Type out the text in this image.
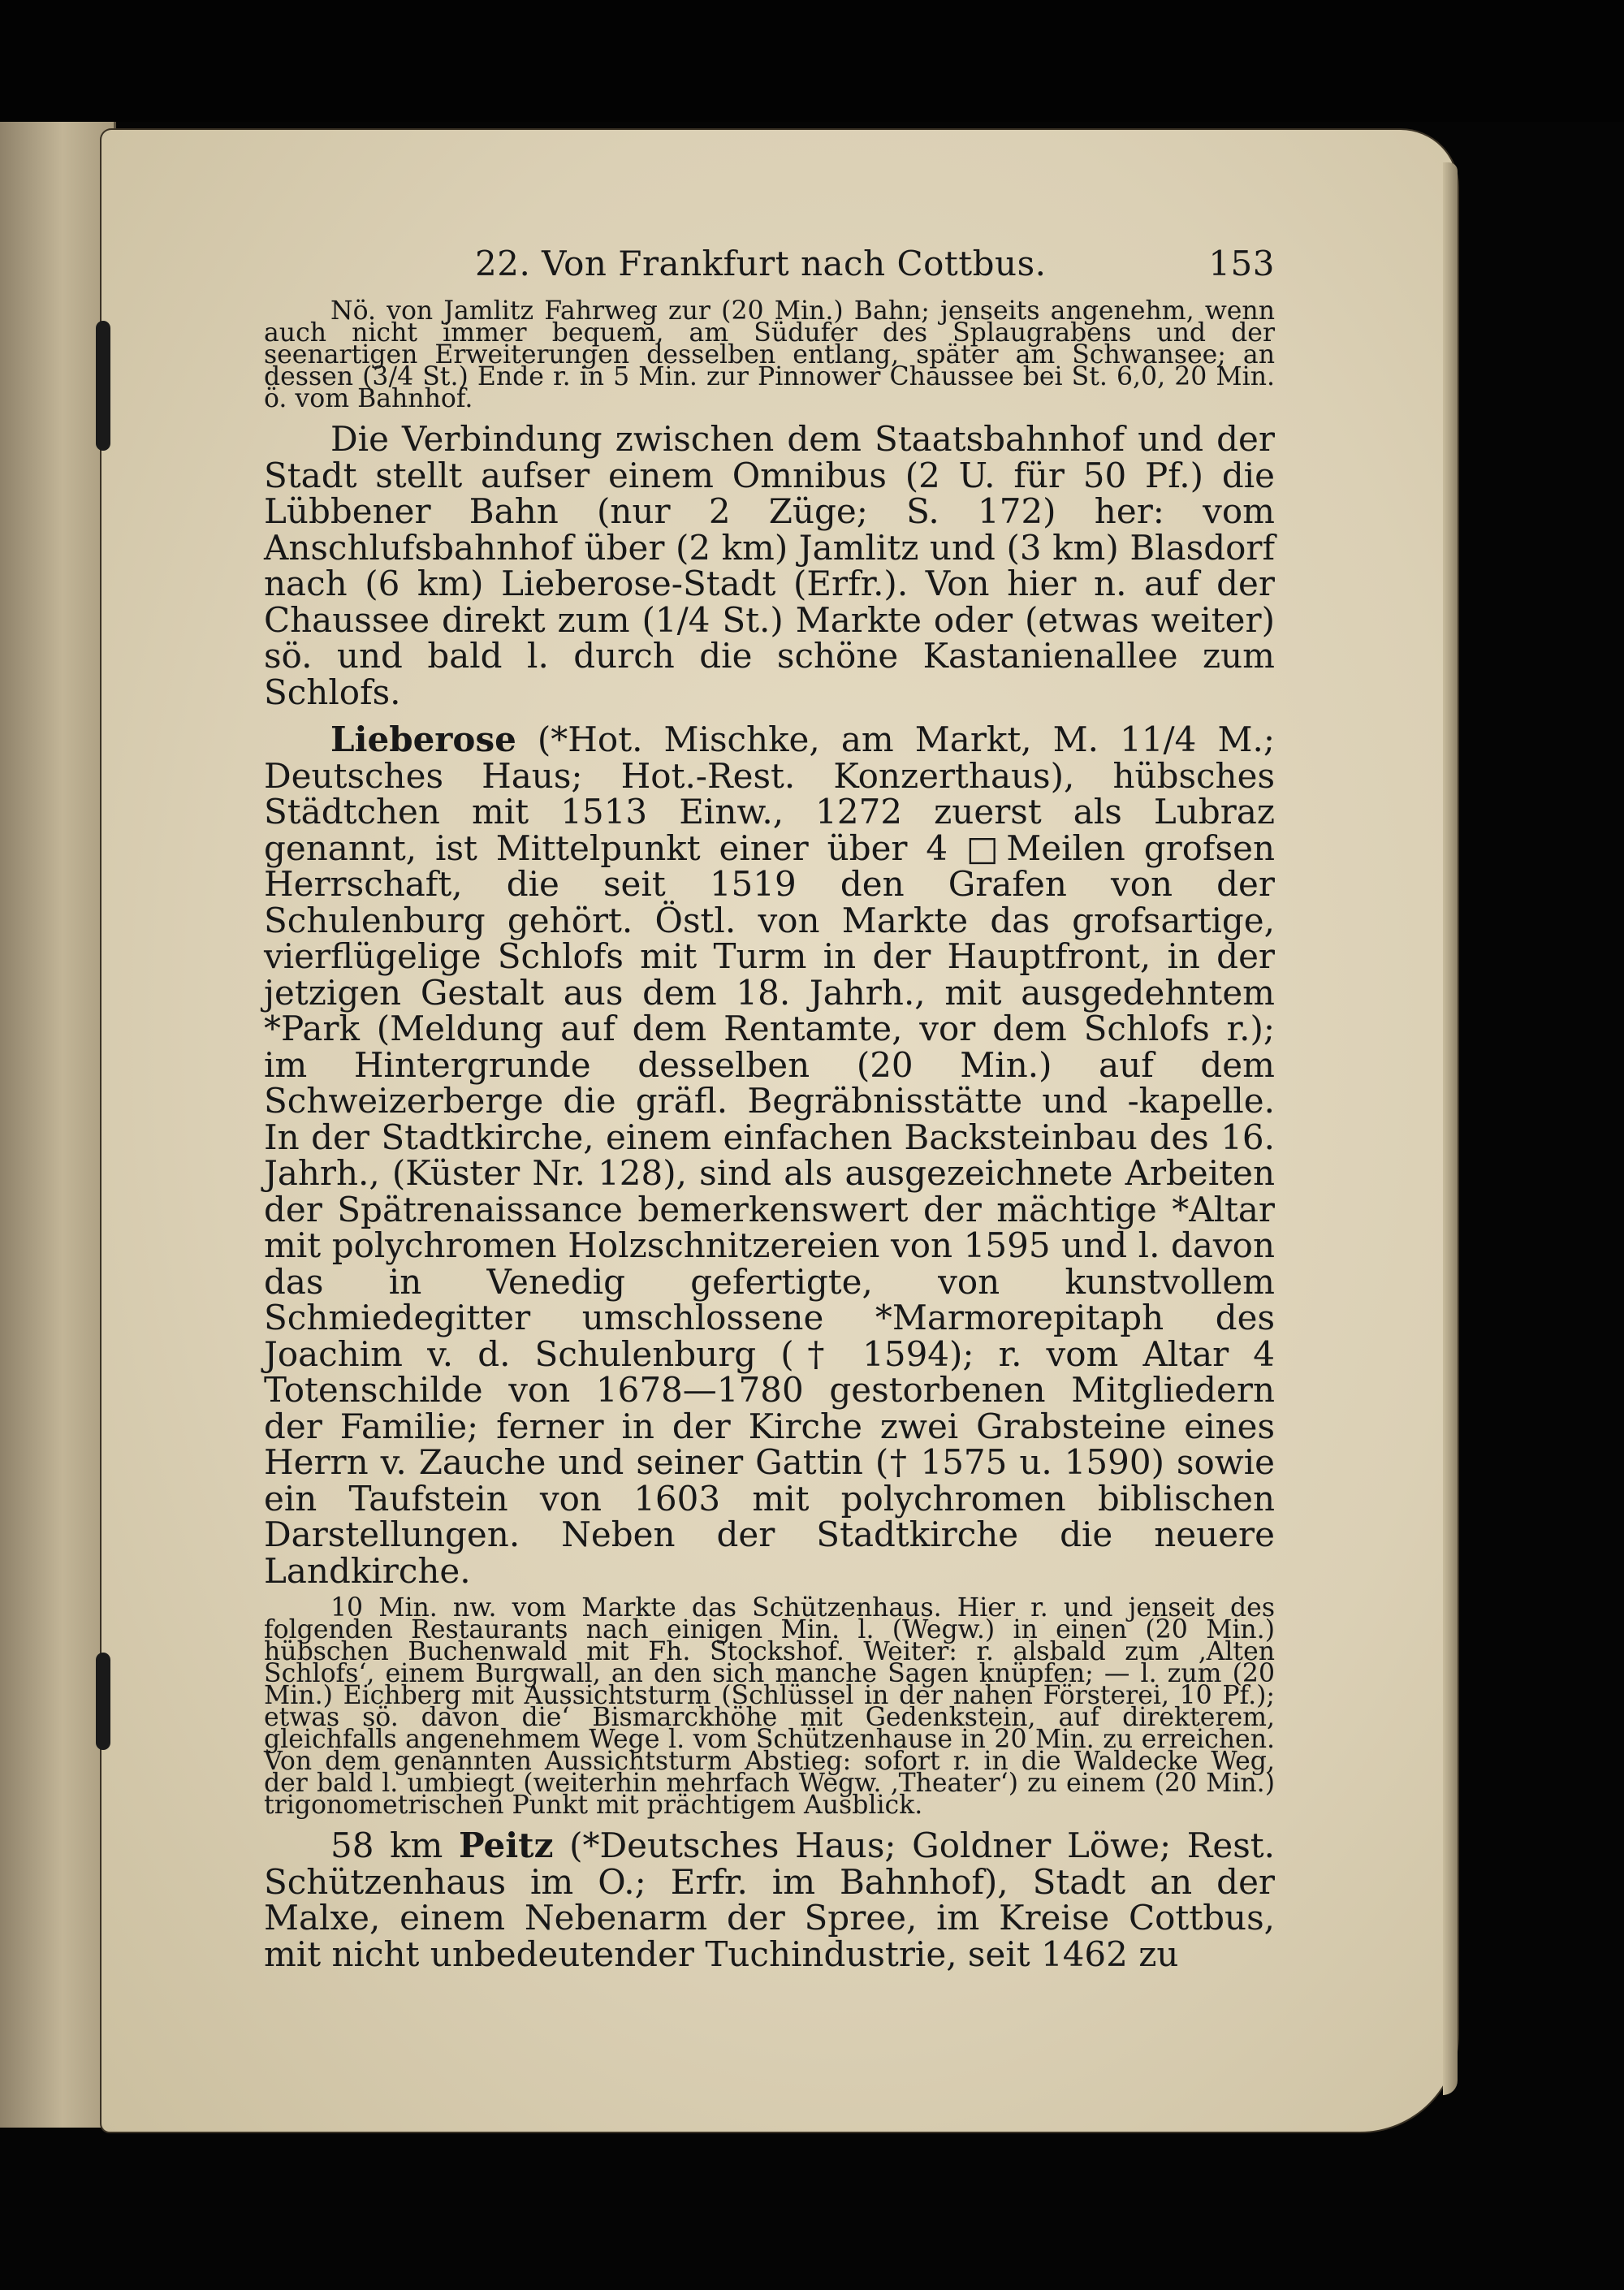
22. Von Frankfurt nach Cottbus.	153

Nö. von Jamlitz Fahrweg zur (20 Min.) Bahn; jenseits angenehm, wenn auch nicht immer bequem, am Südufer des Splaugrabens und der seenartigen Erweiterungen desselben entlang, später am Schwansee; an dessen (3/4 St.) Ende r. in 5 Min. zur Pinnower Chaussee bei St. 6,0, 20 Min. ö. vom Bahnhof.

Die Verbindung zwischen dem Staatsbahnhof und der Stadt stellt aufser einem Omnibus (2 U. für 50 Pf.) die Lübbener Bahn (nur 2 Züge; S. 172) her: vom Anschlufsbahnhof über (2 km) Jamlitz und (3 km) Blasdorf nach (6 km) Lieberose-Stadt (Erfr.). Von hier n. auf der Chaussee direkt zum (1/4 St.) Markte oder (etwas weiter) sö. und bald l. durch die schöne Kastanienallee zum Schlofs.

Lieberose (*Hot. Mischke, am Markt, M. 11/4 M.; Deutsches Haus; Hot.-Rest. Konzerthaus), hübsches Städtchen mit 1513 Einw., 1272 zuerst als Lubraz genannt, ist Mittelpunkt einer über 4 □Meilen grofsen Herrschaft, die seit 1519 den Grafen von der Schulenburg gehört. Östl. von Markte das grofsartige, vierflügelige Schlofs mit Turm in der Hauptfront, in der jetzigen Gestalt aus dem 18. Jahrh., mit ausgedehntem *Park (Meldung auf dem Rentamte, vor dem Schlofs r.); im Hintergrunde desselben (20 Min.) auf dem Schweizerberge die gräfl. Begräbnisstätte und -kapelle. In der Stadtkirche, einem einfachen Backsteinbau des 16. Jahrh., (Küster Nr. 128), sind als ausgezeichnete Arbeiten der Spätrenaissance bemerkenswert der mächtige *Altar mit polychromen Holzschnitzereien von 1595 und l. davon das in Venedig gefertigte, von kunstvollem Schmiedegitter umschlossene *Marmorepitaph des Joachim v. d. Schulenburg († 1594); r. vom Altar 4 Totenschilde von 1678—1780 gestorbenen Mitgliedern der Familie; ferner in der Kirche zwei Grabsteine eines Herrn v. Zauche und seiner Gattin († 1575 u. 1590) sowie ein Taufstein von 1603 mit polychromen biblischen Darstellungen. Neben der Stadtkirche die neuere Landkirche.

10 Min. nw. vom Markte das Schützenhaus. Hier r. und jenseit des folgenden Restaurants nach einigen Min. l. (Wegw.) in einen (20 Min.) hübschen Buchenwald mit Fh. Stockshof. Weiter: r. alsbald zum ‚Alten Schlofs‘, einem Burgwall, an den sich manche Sagen knüpfen; — l. zum (20 Min.) Eichberg mit Aussichtsturm (Schlüssel in der nahen Försterei, 10 Pf.); etwas sö. davon die‘ Bismarckhöhe mit Gedenkstein, auf direkterem, gleichfalls angenehmem Wege l. vom Schützenhause in 20 Min. zu erreichen. Von dem genannten Aussichtsturm Abstieg: sofort r. in die Waldecke Weg, der bald l. umbiegt (weiterhin mehrfach Wegw. ‚Theater‘) zu einem (20 Min.) trigonometrischen Punkt mit prächtigem Ausblick.

58 km Peitz (*Deutsches Haus; Goldner Löwe; Rest. Schützenhaus im O.; Erfr. im Bahnhof), Stadt an der Malxe, einem Nebenarm der Spree, im Kreise Cottbus, mit nicht unbedeutender Tuchindustrie, seit 1462 zu
